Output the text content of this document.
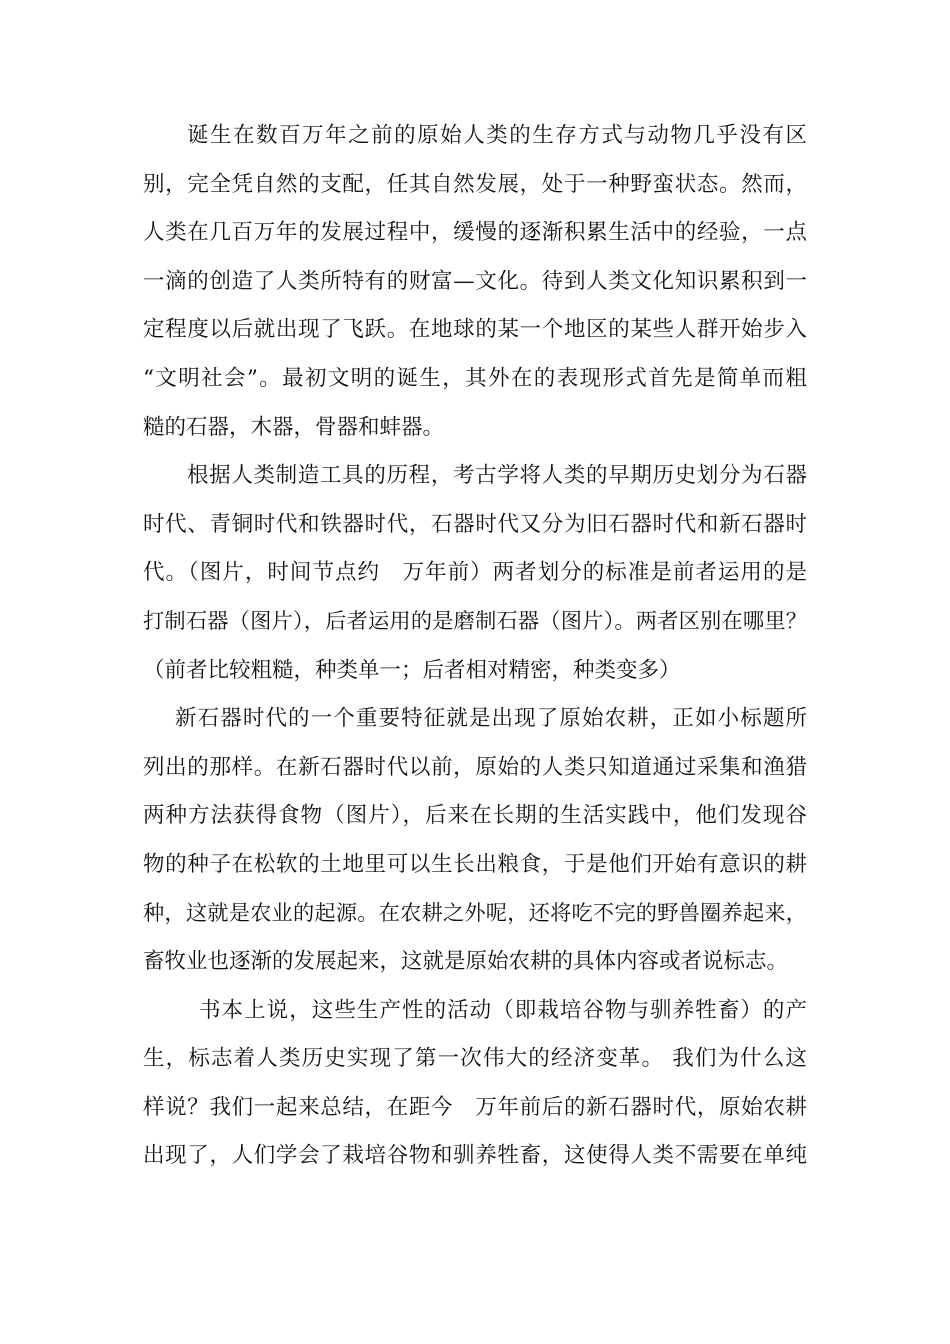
诞生在数百万年之前的原始人类的生存方式与动物几乎没有区
别，完全凭自然的支配，任其自然发展，处于一种野蛮状态。然而，
人类在几百万年的发展过程中，缓慢的逐渐积累生活中的经验，一点
一滴的创造了人类所特有的财富—文化。待到人类文化知识累积到一
定程度以后就出现了飞跃。在地球的某一个地区的某些人群开始步入
“文明社会”。最初文明的诞生，其外在的表现形式首先是简单而粗
糙的石器，木器，骨器和蚌器。
根据人类制造工具的历程，考古学将人类的早期历史划分为石器
时代、青铜时代和铁器时代，石器时代又分为旧石器时代和新石器时
代。（图片，时间节点约　万年前）两者划分的标准是前者运用的是
打制石器（图片），后者运用的是磨制石器（图片）。两者区别在哪里？
（前者比较粗糙，种类单一；后者相对精密，种类变多）
新石器时代的一个重要特征就是出现了原始农耕，正如小标题所
列出的那样。在新石器时代以前，原始的人类只知道通过采集和渔猎
两种方法获得食物（图片），后来在长期的生活实践中，他们发现谷
物的种子在松软的土地里可以生长出粮食，于是他们开始有意识的耕
种，这就是农业的起源。在农耕之外呢，还将吃不完的野兽圈养起来，
畜牧业也逐渐的发展起来，这就是原始农耕的具体内容或者说标志。
书本上说，这些生产性的活动（即栽培谷物与驯养牲畜）的产
生，标志着人类历史实现了第一次伟大的经济变革。 我们为什么这
样说？我们一起来总结，在距今　万年前后的新石器时代，原始农耕
出现了，人们学会了栽培谷物和驯养牲畜，这使得人类不需要在单纯
